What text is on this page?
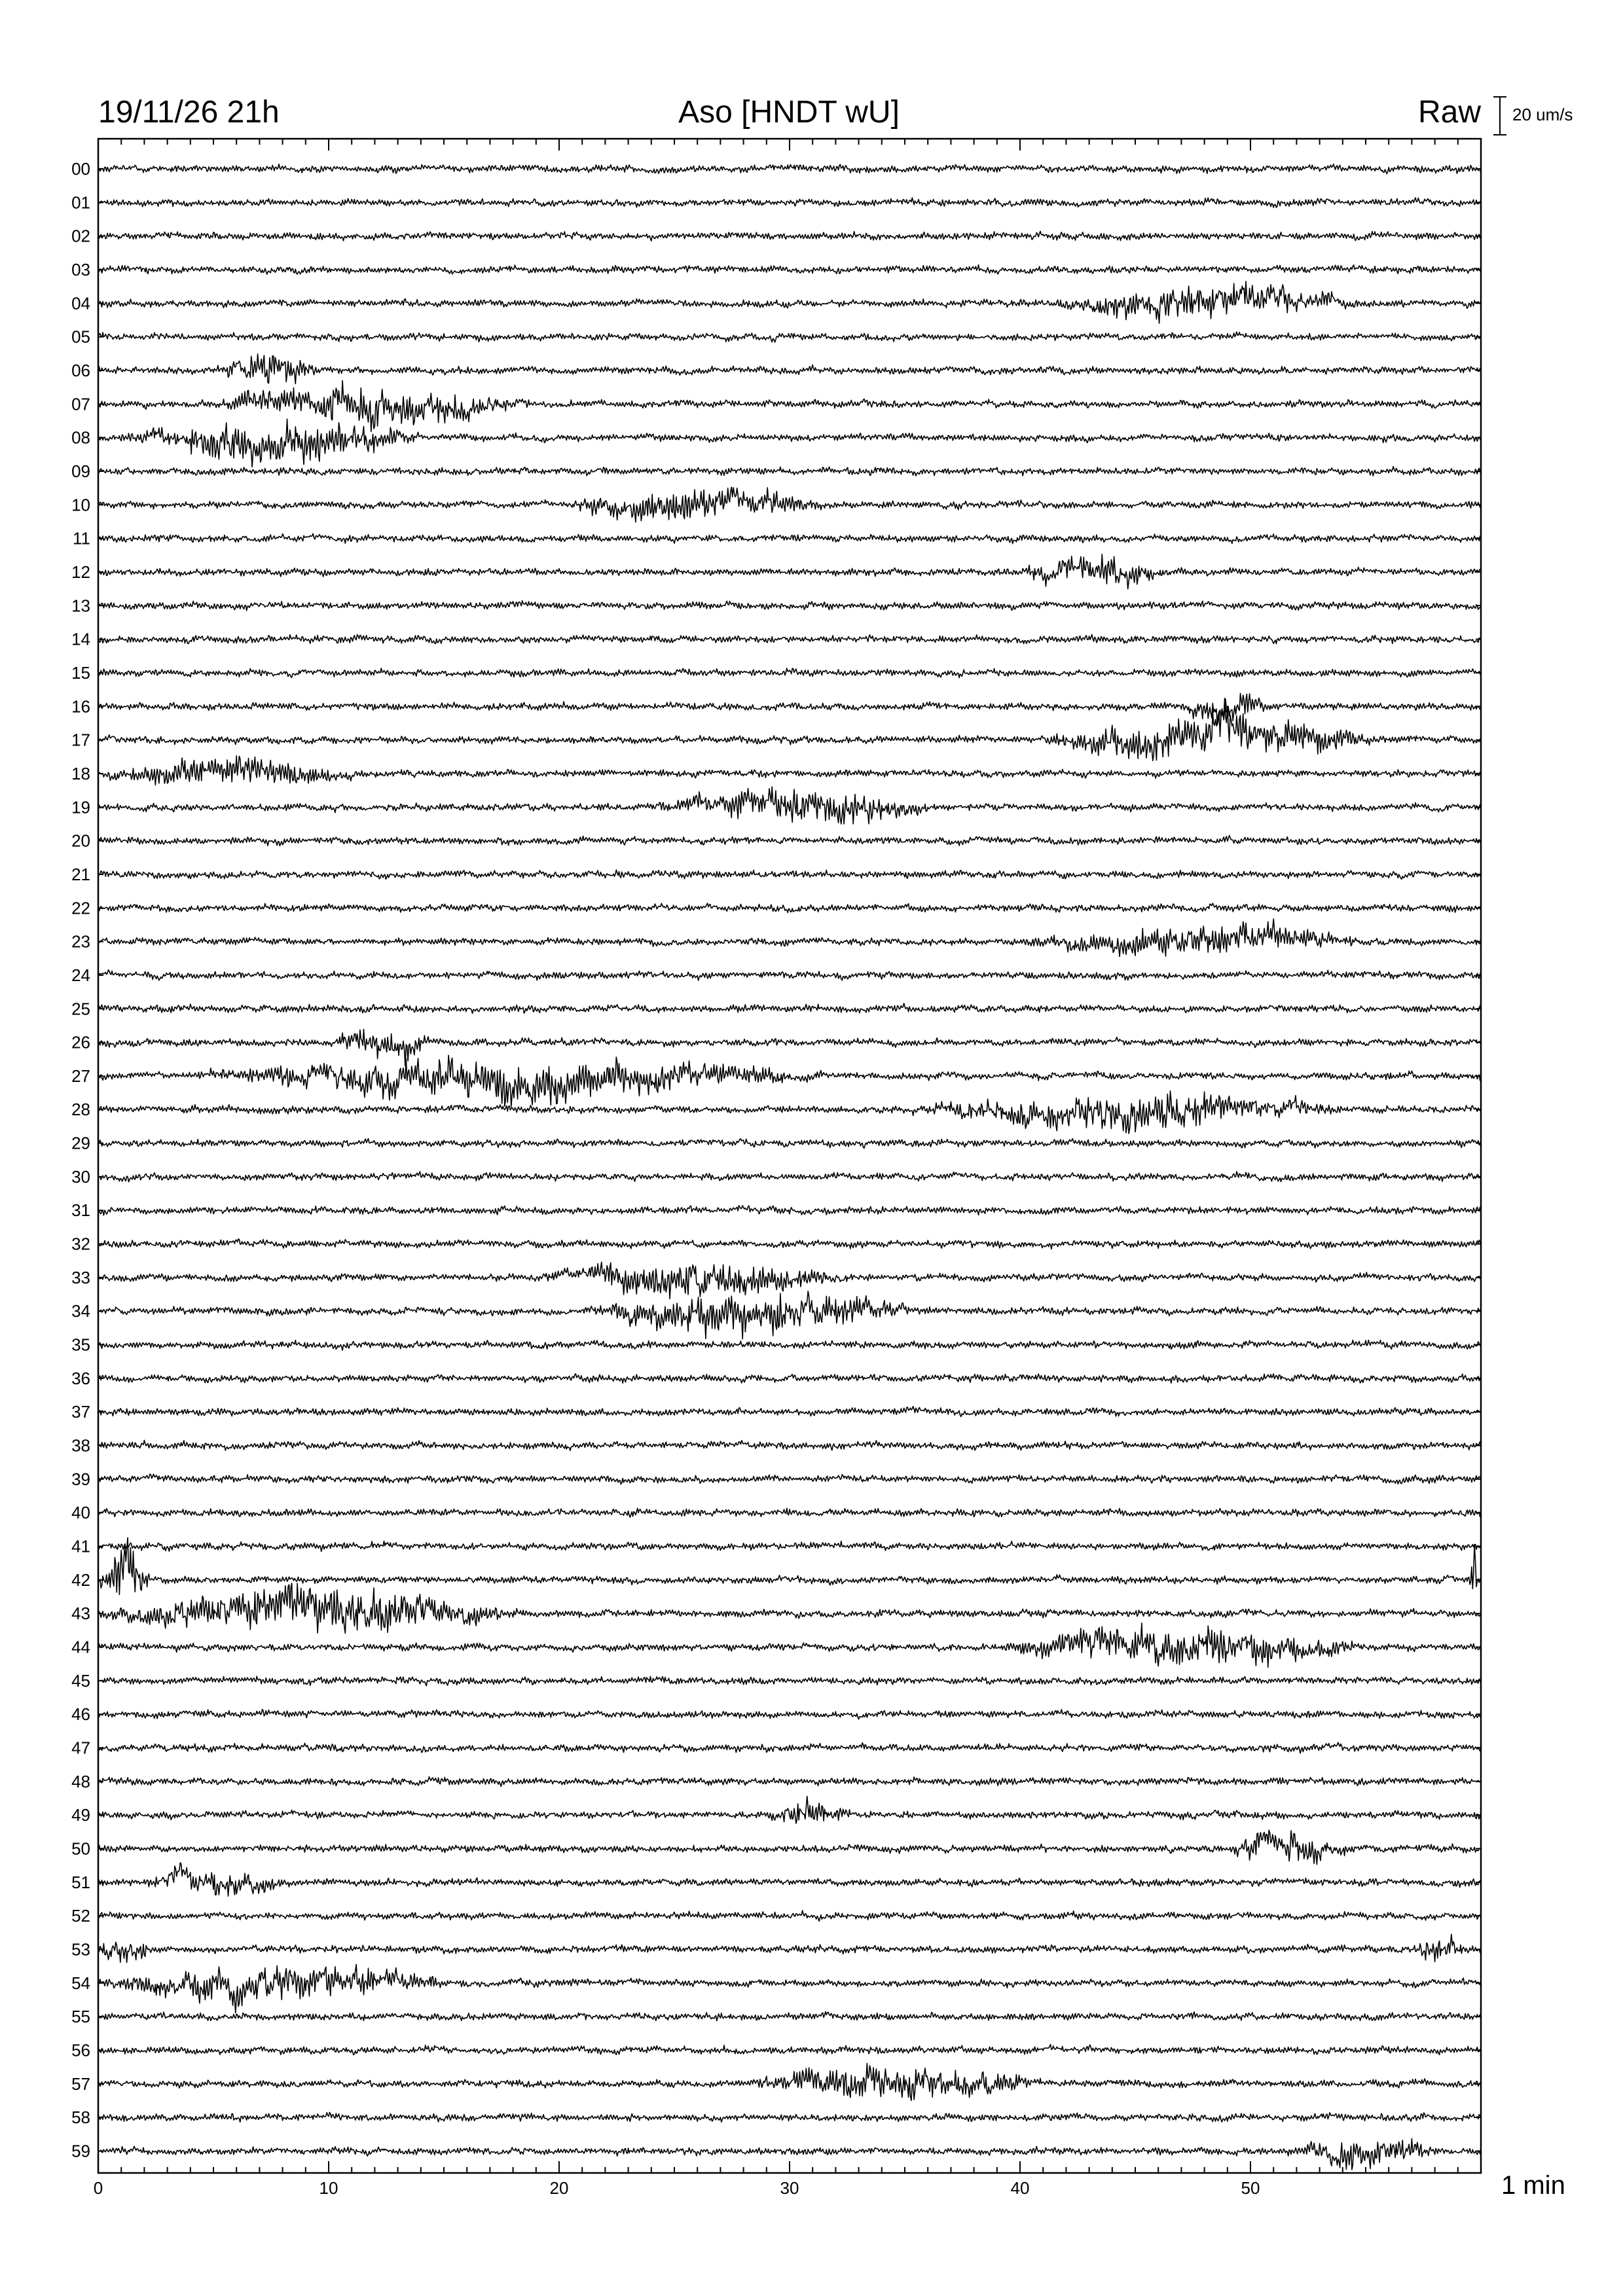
19/11/26 21h	Aso [HNDT wU]	Raw 20 um/s
00
01
02
03
04
05
06
07
08
09
10
11
12
13
14
15
16
17
18
19
20
21
22
23
24
25
26
27
28
29
30
31
32
33
34
35
36
37
38
39
40
41
42
43
44
45
46
47
48
49
50
51
52
53
54
55
56
57
58
59
0	10	20	30	40	50	1 min
